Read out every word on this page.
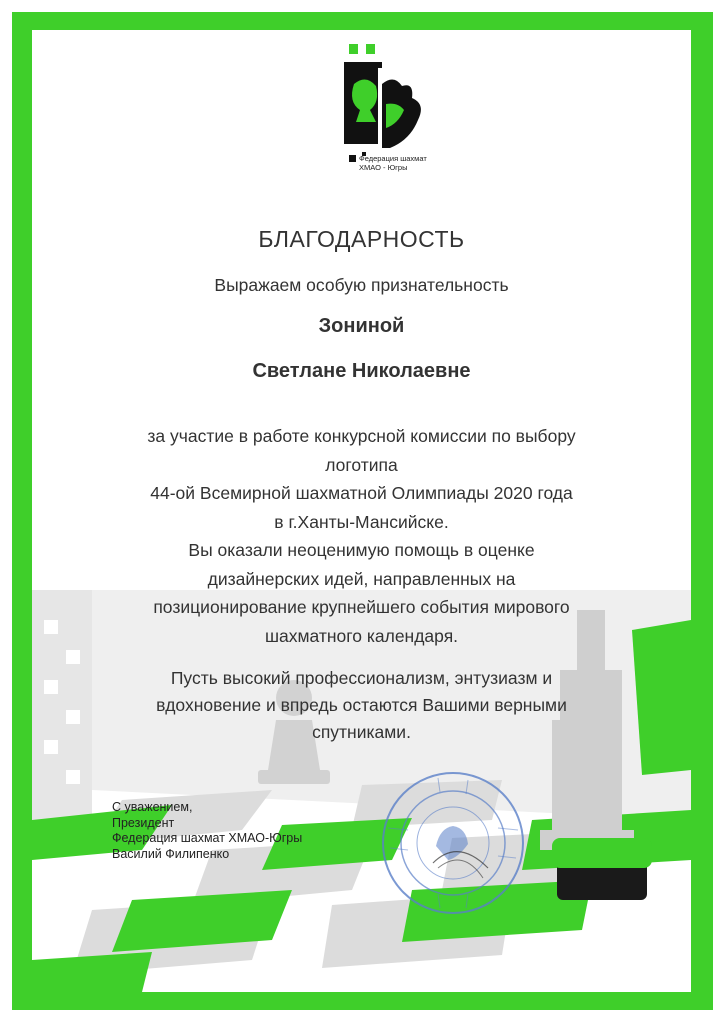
Федерация шахмат
ХМАО - Югры
БЛАГОДАРНОСТЬ
Выражаем особую признательность
Зониной
Светлане Николаевне
за участие в работе конкурсной комиссии по выбору
логотипа
44-ой Всемирной шахматной Олимпиады 2020 года
в г.Ханты-Мансийске.
Вы оказали неоценимую помощь в оценке
дизайнерских идей, направленных на
позиционирование крупнейшего события мирового
шахматного календаря.
Пусть высокий профессионализм, энтузиазм и
вдохновение и впредь остаются Вашими верными
спутниками.
С уважением,
Президент
Федерация шахмат ХМАО-Югры
Василий Филипенко
